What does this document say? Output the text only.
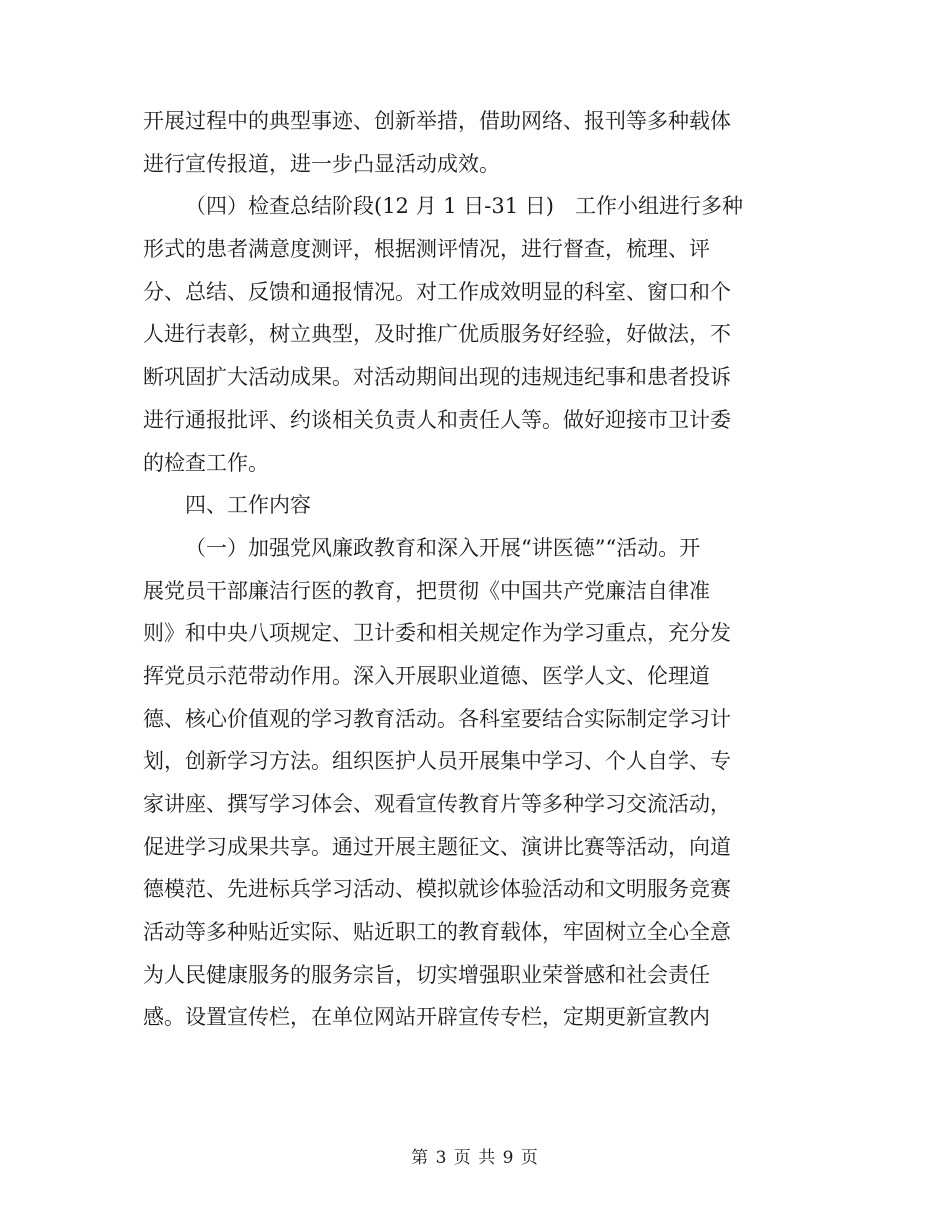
开展过程中的典型事迹、创新举措，借助网络、报刊等多种载体
进行宣传报道，进一步凸显活动成效。
（四）检查总结阶段(12 月 1 日-31 日)　工作小组进行多种
形式的患者满意度测评，根据测评情况，进行督查，梳理、评
分、总结、反馈和通报情况。对工作成效明显的科室、窗口和个
人进行表彰，树立典型，及时推广优质服务好经验，好做法，不
断巩固扩大活动成果。对活动期间出现的违规违纪事和患者投诉
进行通报批评、约谈相关负责人和责任人等。做好迎接市卫计委
的检查工作。
四、工作内容
（一）加强党风廉政教育和深入开展“讲医德”“活动。开
展党员干部廉洁行医的教育，把贯彻《中国共产党廉洁自律准
则》和中央八项规定、卫计委和相关规定作为学习重点，充分发
挥党员示范带动作用。深入开展职业道德、医学人文、伦理道
德、核心价值观的学习教育活动。各科室要结合实际制定学习计
划，创新学习方法。组织医护人员开展集中学习、个人自学、专
家讲座、撰写学习体会、观看宣传教育片等多种学习交流活动，
促进学习成果共享。通过开展主题征文、演讲比赛等活动，向道
德模范、先进标兵学习活动、模拟就诊体验活动和文明服务竞赛
活动等多种贴近实际、贴近职工的教育载体，牢固树立全心全意
为人民健康服务的服务宗旨，切实增强职业荣誉感和社会责任
感。设置宣传栏，在单位网站开辟宣传专栏，定期更新宣教内
第 3 页 共 9 页
